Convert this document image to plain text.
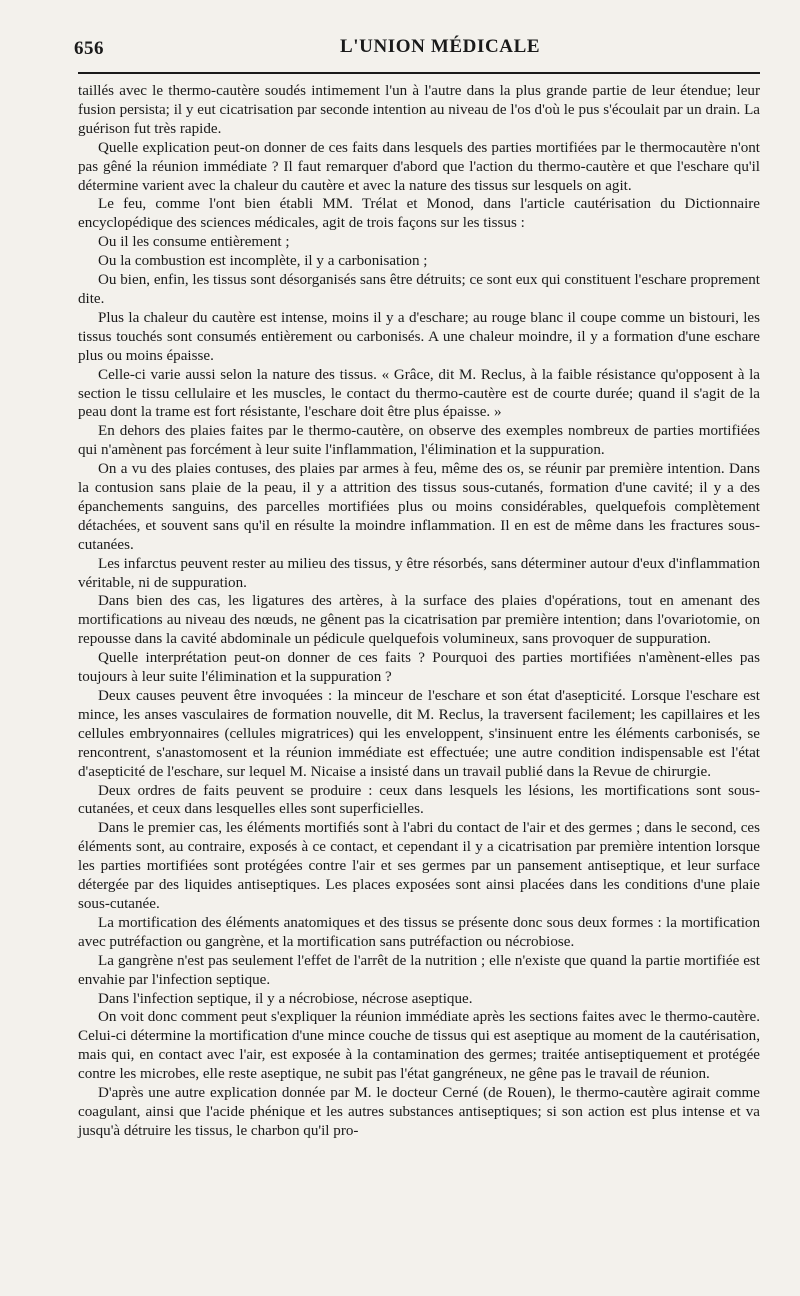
656	L'UNION MÉDICALE

taillés avec le thermo-cautère soudés intimement l'un à l'autre dans la plus grande partie de leur étendue; leur fusion persista; il y eut cicatrisation par seconde intention au niveau de l'os d'où le pus s'écoulait par un drain. La guérison fut très rapide.

Quelle explication peut-on donner de ces faits dans lesquels des parties mortifiées par le thermocautère n'ont pas gêné la réunion immédiate ? Il faut remarquer d'abord que l'action du thermo-cautère et que l'eschare qu'il détermine varient avec la chaleur du cautère et avec la nature des tissus sur lesquels on agit.

Le feu, comme l'ont bien établi MM. Trélat et Monod, dans l'article cautérisation du Dictionnaire encyclopédique des sciences médicales, agit de trois façons sur les tissus :

Ou il les consume entièrement ;

Ou la combustion est incomplète, il y a carbonisation ;

Ou bien, enfin, les tissus sont désorganisés sans être détruits; ce sont eux qui constituent l'eschare proprement dite.

Plus la chaleur du cautère est intense, moins il y a d'eschare; au rouge blanc il coupe comme un bistouri, les tissus touchés sont consumés entièrement ou carbonisés. A une chaleur moindre, il y a formation d'une eschare plus ou moins épaisse.

Celle-ci varie aussi selon la nature des tissus. « Grâce, dit M. Reclus, à la faible résistance qu'opposent à la section le tissu cellulaire et les muscles, le contact du thermo-cautère est de courte durée; quand il s'agit de la peau dont la trame est fort résistante, l'eschare doit être plus épaisse. »

En dehors des plaies faites par le thermo-cautère, on observe des exemples nombreux de parties mortifiées qui n'amènent pas forcément à leur suite l'inflammation, l'élimination et la suppuration.

On a vu des plaies contuses, des plaies par armes à feu, même des os, se réunir par première intention. Dans la contusion sans plaie de la peau, il y a attrition des tissus sous-cutanés, formation d'une cavité; il y a des épanchements sanguins, des parcelles mortifiées plus ou moins considérables, quelquefois complètement détachées, et souvent sans qu'il en résulte la moindre inflammation. Il en est de même dans les fractures sous-cutanées.

Les infarctus peuvent rester au milieu des tissus, y être résorbés, sans déterminer autour d'eux d'inflammation véritable, ni de suppuration.

Dans bien des cas, les ligatures des artères, à la surface des plaies d'opérations, tout en amenant des mortifications au niveau des nœuds, ne gênent pas la cicatrisation par première intention; dans l'ovariotomie, on repousse dans la cavité abdominale un pédicule quelquefois volumineux, sans provoquer de suppuration.

Quelle interprétation peut-on donner de ces faits ? Pourquoi des parties mortifiées n'amènent-elles pas toujours à leur suite l'élimination et la suppuration ?

Deux causes peuvent être invoquées : la minceur de l'eschare et son état d'asepticité. Lorsque l'eschare est mince, les anses vasculaires de formation nouvelle, dit M. Reclus, la traversent facilement; les capillaires et les cellules embryonnaires (cellules migratrices) qui les enveloppent, s'insinuent entre les éléments carbonisés, se rencontrent, s'anastomosent et la réunion immédiate est effectuée; une autre condition indispensable est l'état d'asepticité de l'eschare, sur lequel M. Nicaise a insisté dans un travail publié dans la Revue de chirurgie.

Deux ordres de faits peuvent se produire : ceux dans lesquels les lésions, les mortifications sont sous-cutanées, et ceux dans lesquelles elles sont superficielles.

Dans le premier cas, les éléments mortifiés sont à l'abri du contact de l'air et des germes ; dans le second, ces éléments sont, au contraire, exposés à ce contact, et cependant il y a cicatrisation par première intention lorsque les parties mortifiées sont protégées contre l'air et ses germes par un pansement antiseptique, et leur surface détergée par des liquides antiseptiques. Les places exposées sont ainsi placées dans les conditions d'une plaie sous-cutanée.

La mortification des éléments anatomiques et des tissus se présente donc sous deux formes : la mortification avec putréfaction ou gangrène, et la mortification sans putréfaction ou nécrobiose.

La gangrène n'est pas seulement l'effet de l'arrêt de la nutrition ; elle n'existe que quand la partie mortifiée est envahie par l'infection septique.

Dans l'infection septique, il y a nécrobiose, nécrose aseptique.

On voit donc comment peut s'expliquer la réunion immédiate après les sections faites avec le thermo-cautère. Celui-ci détermine la mortification d'une mince couche de tissus qui est aseptique au moment de la cautérisation, mais qui, en contact avec l'air, est exposée à la contamination des germes; traitée antiseptiquement et protégée contre les microbes, elle reste aseptique, ne subit pas l'état gangréneux, ne gêne pas le travail de réunion.

D'après une autre explication donnée par M. le docteur Cerné (de Rouen), le thermo-cautère agirait comme coagulant, ainsi que l'acide phénique et les autres substances antiseptiques; si son action est plus intense et va jusqu'à détruire les tissus, le charbon qu'il pro-
